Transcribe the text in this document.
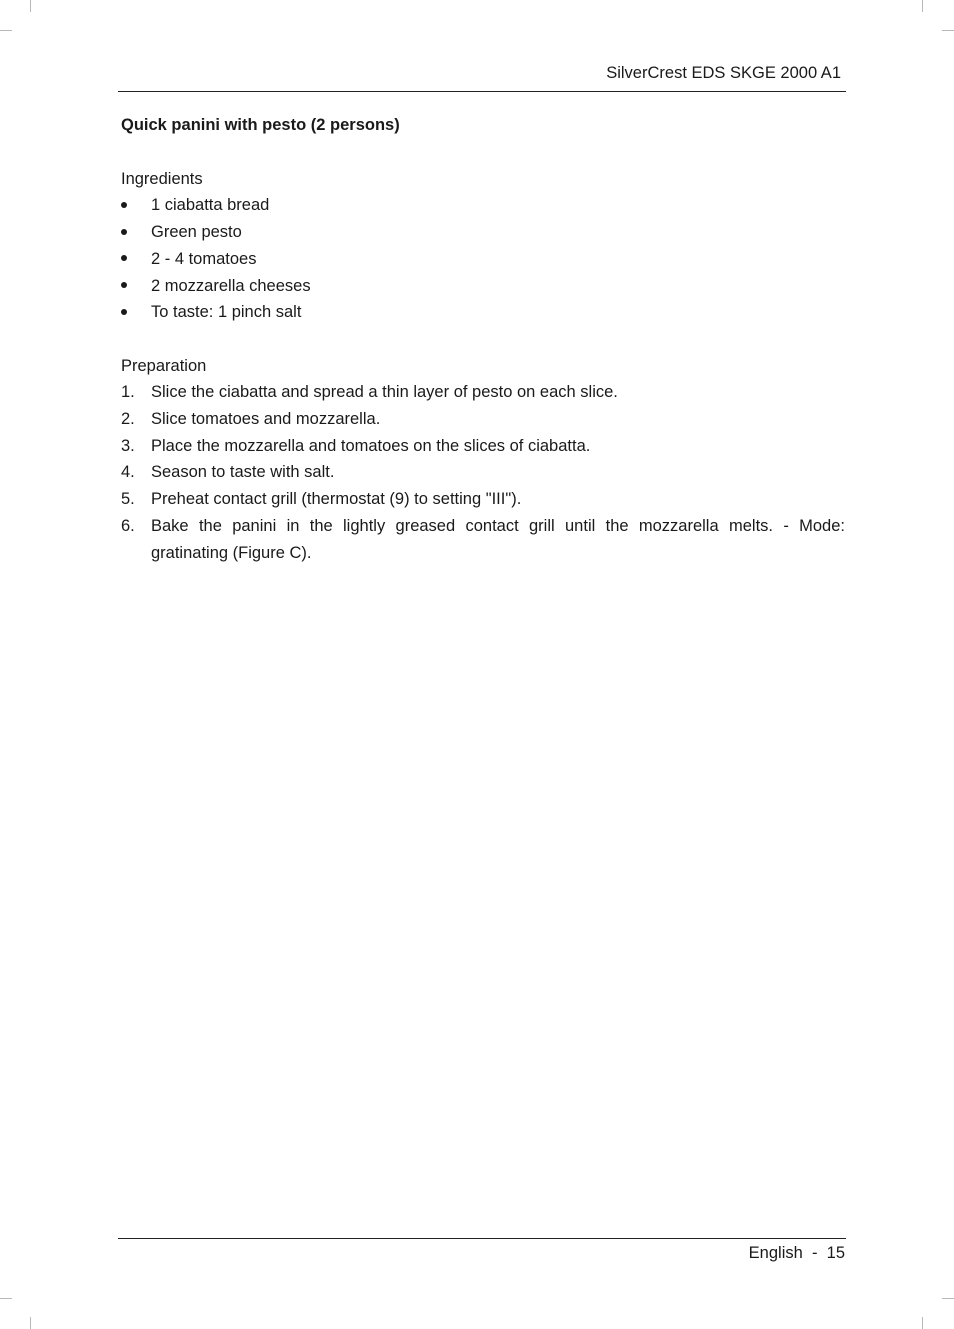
SilverCrest EDS SKGE 2000 A1

Quick panini with pesto (2 persons)

Ingredients

1 ciabatta bread
Green pesto
2 - 4 tomatoes
2 mozzarella cheeses
To taste: 1 pinch salt

Preparation

1. Slice the ciabatta and spread a thin layer of pesto on each slice.
2. Slice tomatoes and mozzarella.
3. Place the mozzarella and tomatoes on the slices of ciabatta.
4. Season to taste with salt.
5. Preheat contact grill (thermostat (9) to setting "III").
6. Bake the panini in the lightly greased contact grill until the mozzarella melts. - Mode: gratinating (Figure C).
English - 15
